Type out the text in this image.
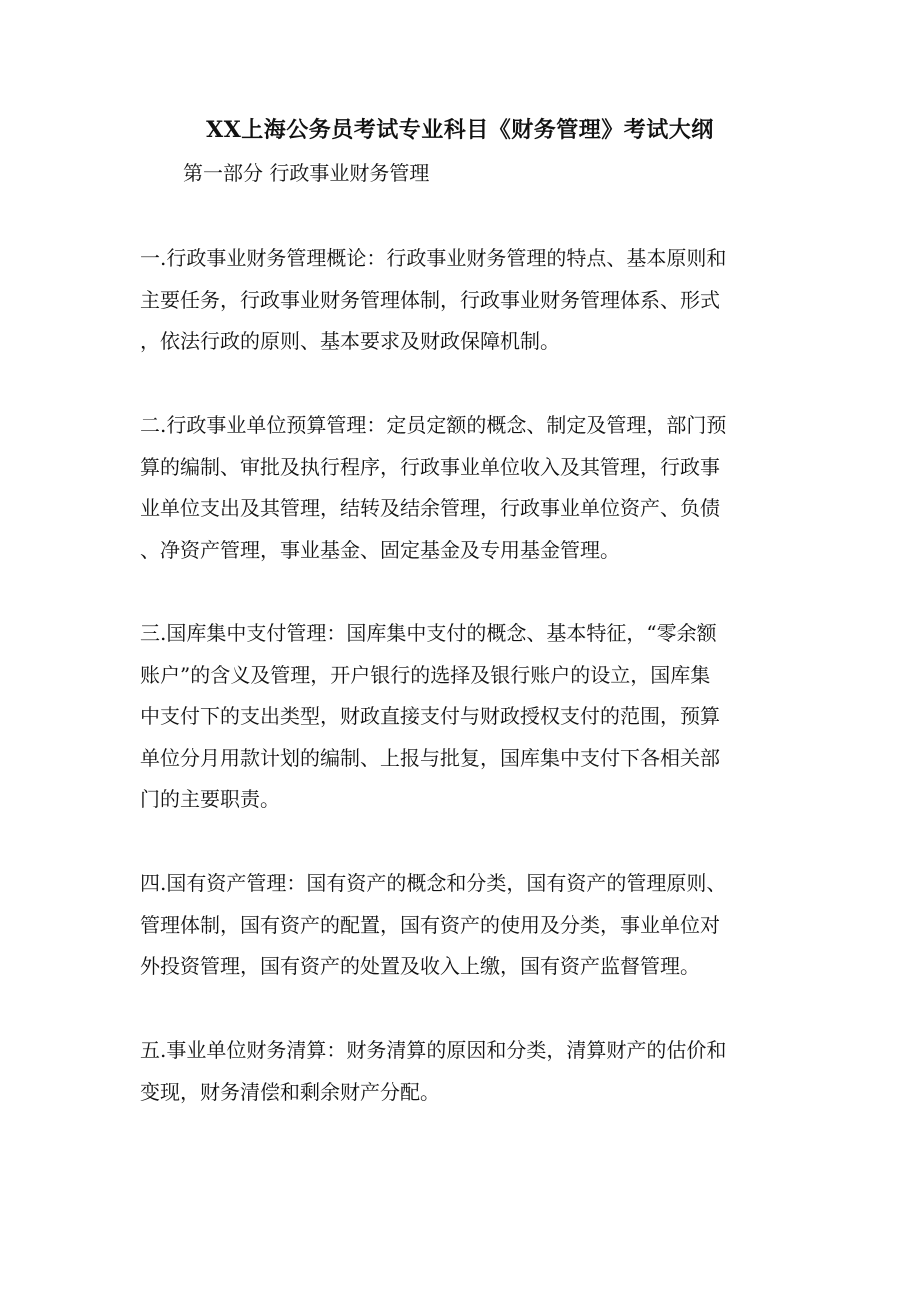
XX上海公务员考试专业科目《财务管理》考试大纲
第一部分 行政事业财务管理
一.行政事业财务管理概论：行政事业财务管理的特点、基本原则和
主要任务，行政事业财务管理体制，行政事业财务管理体系、形式
，依法行政的原则、基本要求及财政保障机制。
二.行政事业单位预算管理：定员定额的概念、制定及管理，部门预
算的编制、审批及执行程序，行政事业单位收入及其管理，行政事
业单位支出及其管理，结转及结余管理，行政事业单位资产、负债
、净资产管理，事业基金、固定基金及专用基金管理。
三.国库集中支付管理：国库集中支付的概念、基本特征，“零余额
账户”的含义及管理，开户银行的选择及银行账户的设立，国库集
中支付下的支出类型，财政直接支付与财政授权支付的范围，预算
单位分月用款计划的编制、上报与批复，国库集中支付下各相关部
门的主要职责。
四.国有资产管理：国有资产的概念和分类，国有资产的管理原则、
管理体制，国有资产的配置，国有资产的使用及分类，事业单位对
外投资管理，国有资产的处置及收入上缴，国有资产监督管理。
五.事业单位财务清算：财务清算的原因和分类，清算财产的估价和
变现，财务清偿和剩余财产分配。
